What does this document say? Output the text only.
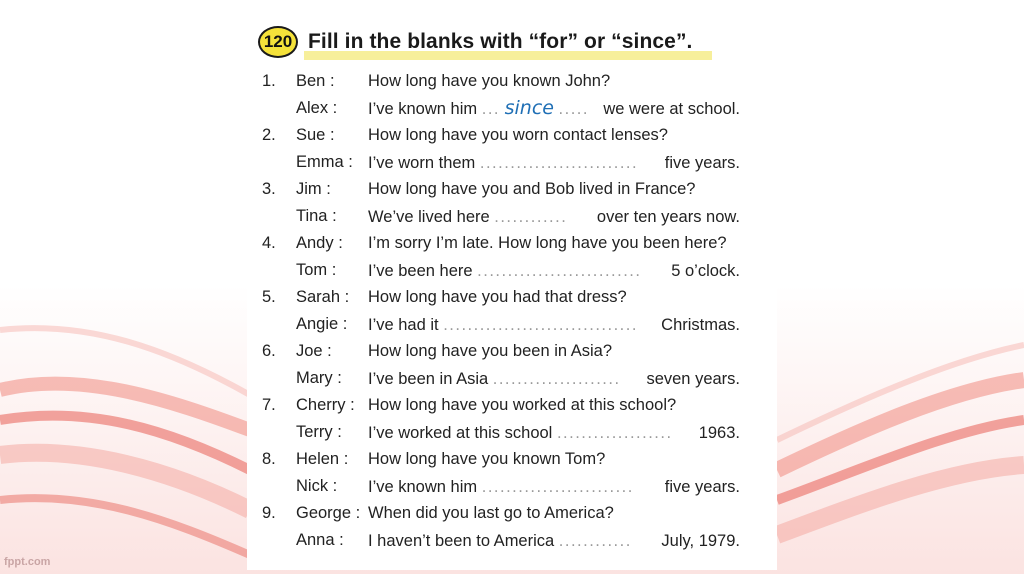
120 Fill in the blanks with “for” or “since”.
1.	Ben : How long have you known John?
Alex : I’ve known him ... since ..... we were at school.
2.	Sue : How long have you worn contact lenses?
Emma : I’ve worn them .......................... five years.
3.	Jim : How long have you and Bob lived in France?
Tina : We’ve lived here ............ over ten years now.
4.	Andy : I’m sorry I’m late. How long have you been here?
Tom : I’ve been here ........................... 5 o’clock.
5.	Sarah : How long have you had that dress?
Angie : I’ve had it ................................ Christmas.
6.	Joe : How long have you been in Asia?
Mary : I’ve been in Asia ..................... seven years.
7.	Cherry : How long have you worked at this school?
Terry : I’ve worked at this school ................... 1963.
8.	Helen : How long have you known Tom?
Nick : I’ve known him ......................... five years.
9.	George : When did you last go to America?
Anna : I haven’t been to America ............ July, 1979.
fppt.com
